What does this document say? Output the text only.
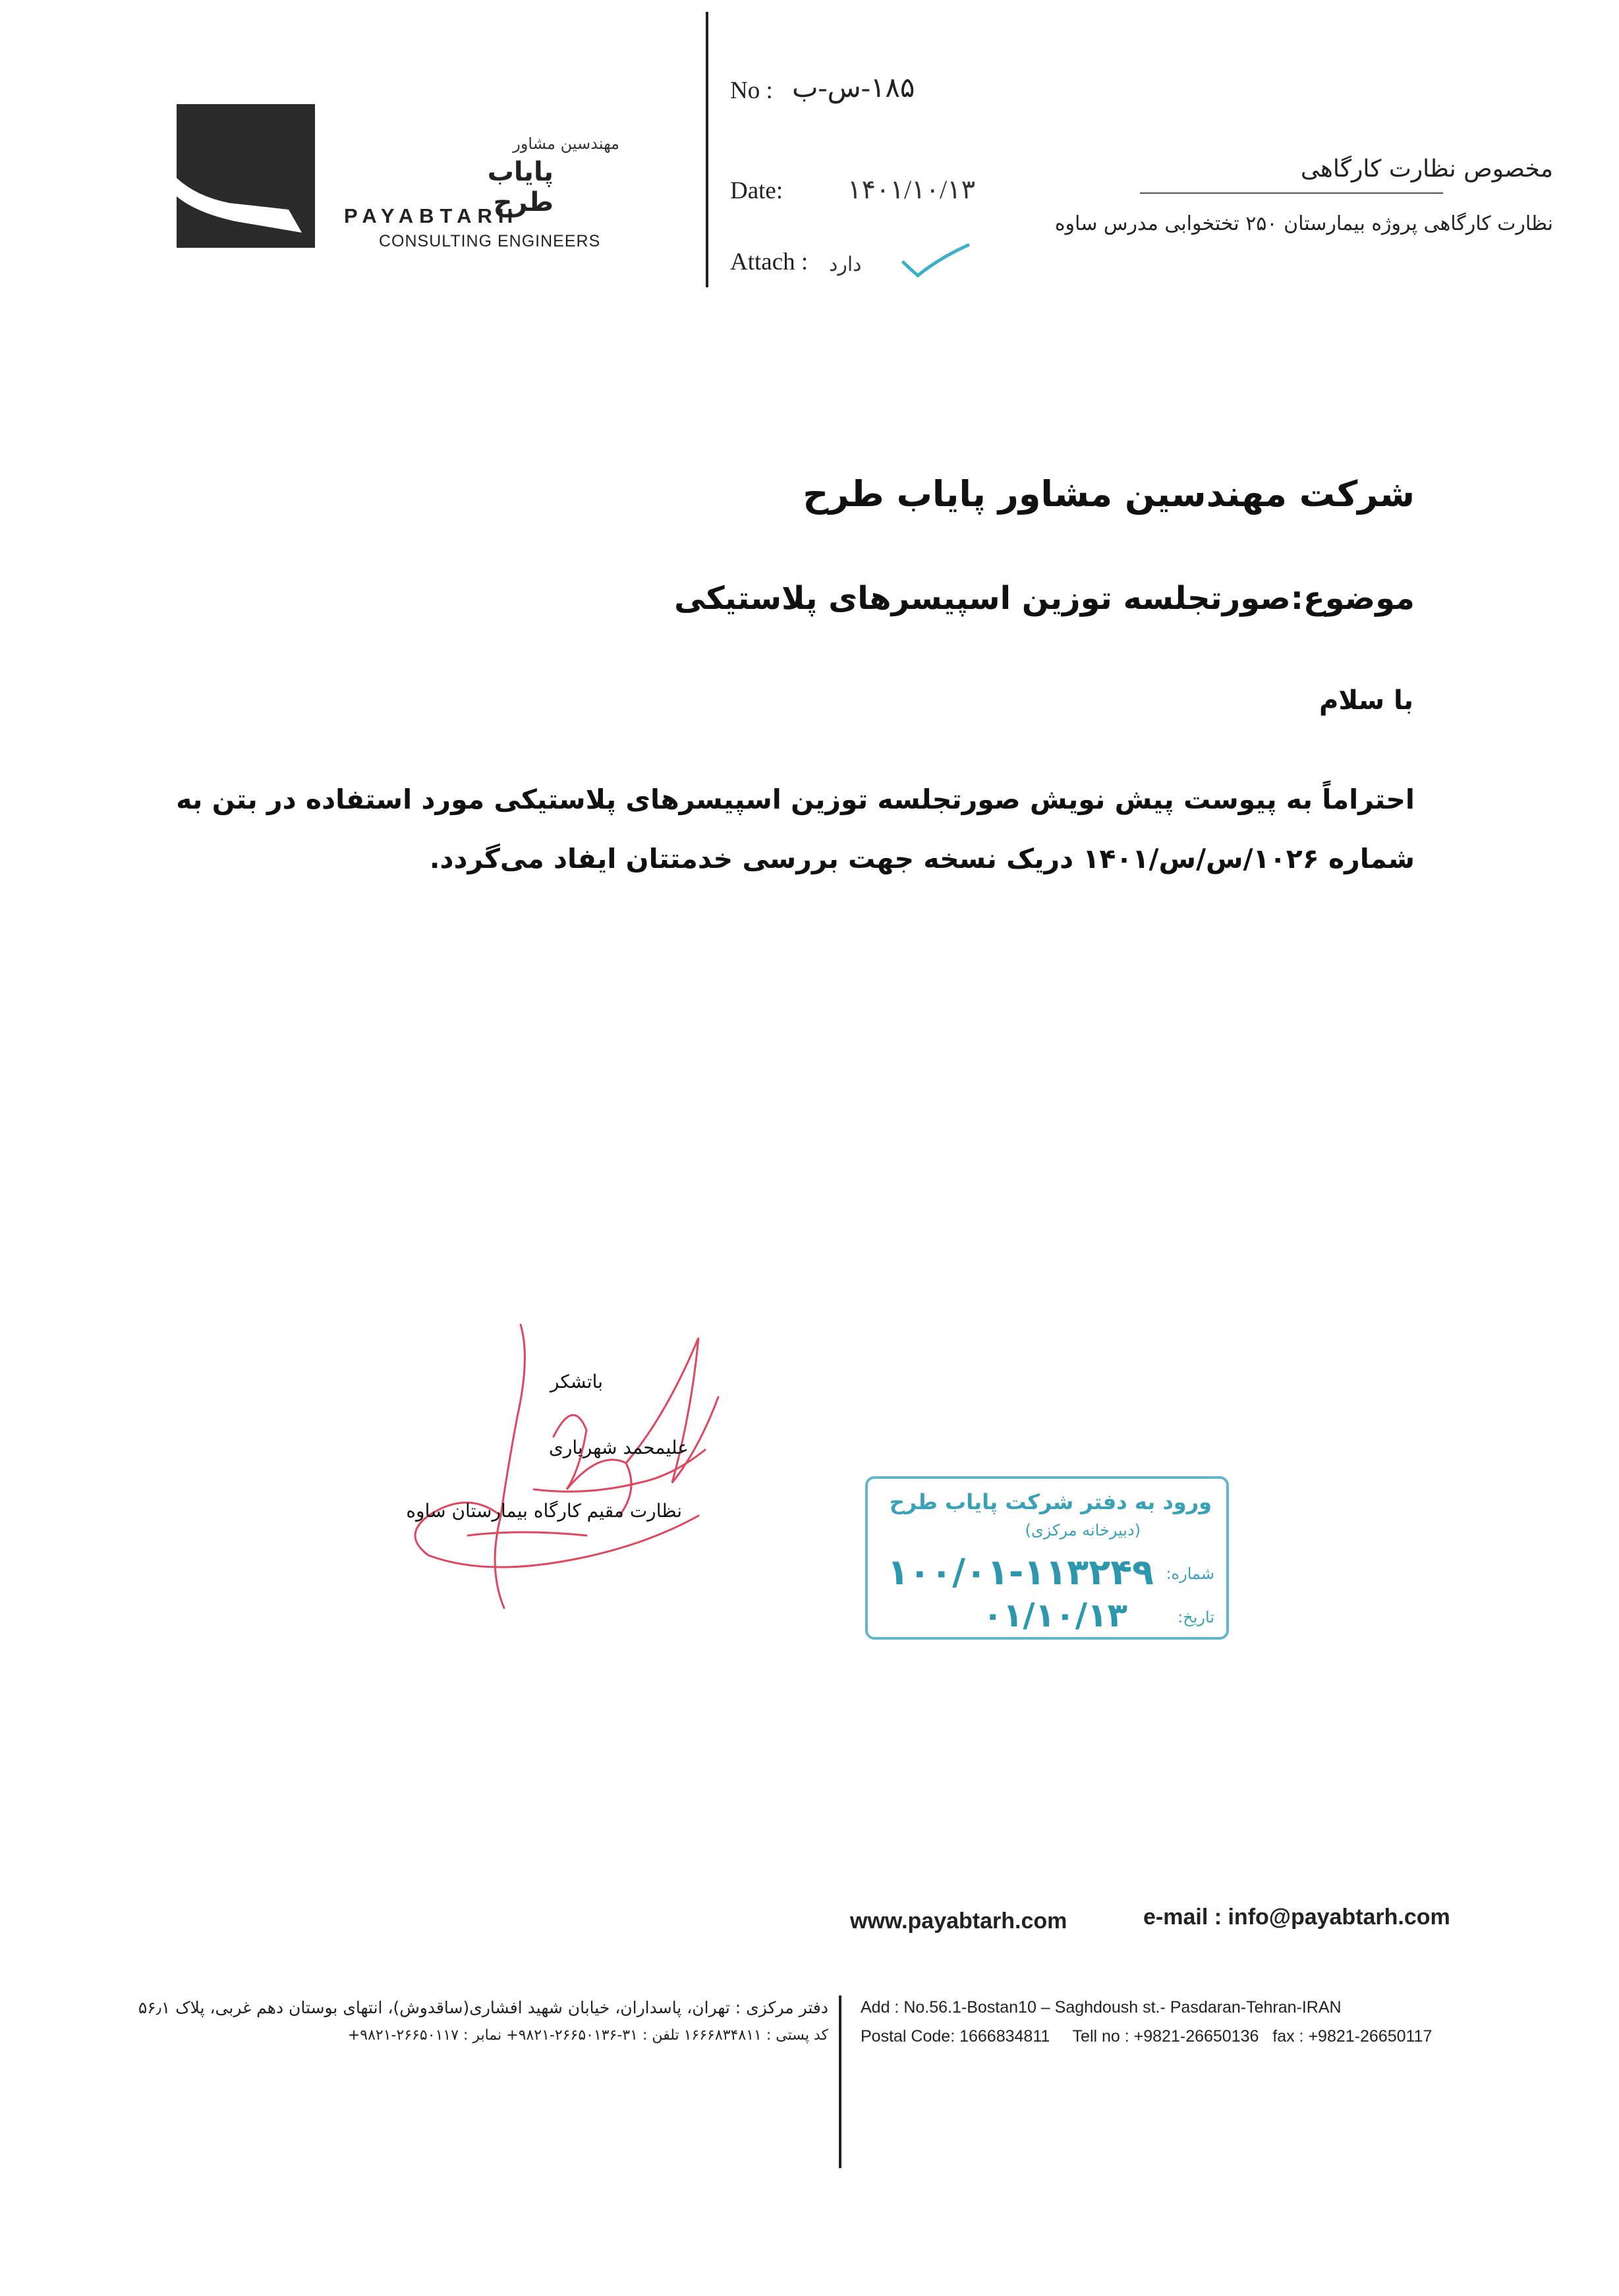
مهندسین مشاور
پایاب طرح
PAYABTARH
CONSULTING ENGINEERS
No : ۱۸۵-س-ب
Date: ۱۴۰۱/۱۰/۱۳
Attach : دارد
مخصوص نظارت کارگاهی
نظارت کارگاهی پروژه بیمارستان ۲۵۰ تختخوابی مدرس ساوه
شرکت مهندسین مشاور پایاب طرح
موضوع:صورتجلسه توزین اسپیسرهای پلاستیکی
با سلام
احتراماً به پیوست پیش نویش صورتجلسه توزین اسپیسرهای پلاستیکی مورد استفاده در بتن به شماره ۱۰۲۶/س/س/۱۴۰۱ دریک نسخه جهت بررسی خدمتتان ایفاد می‌گردد.
باتشکر
علیمحمد شهریاری
نظارت مقیم کارگاه بیمارستان ساوه	ورود به دفتر شرکت پایاب طرح
(دبیرخانه مرکزی)
شماره:
۱۰۰/۰۱-۱۱۳۲۴۹
تاریخ:
۰۱/۱۰/۱۳
www.payabtarh.com	e-mail : info@payabtarh.com
Add : No.56.1-Bostan10 – Saghdoush st.- Pasdaran-Tehran-IRAN
Postal Code: 1666834811     Tell no : +9821-26650136   fax : +9821-26650117
دفتر مرکزی : تهران، پاسداران، خیابان شهید افشاری(ساقدوش)، انتهای بوستان دهم غربی، پلاک ۵۶٫۱
کد پستی : ۱۶۶۶۸۳۴۸۱۱ تلفن : ۳۱-۲۶۶۵۰۱۳۶-۹۸۲۱+ نمابر : ۲۶۶۵۰۱۱۷-۹۸۲۱+
